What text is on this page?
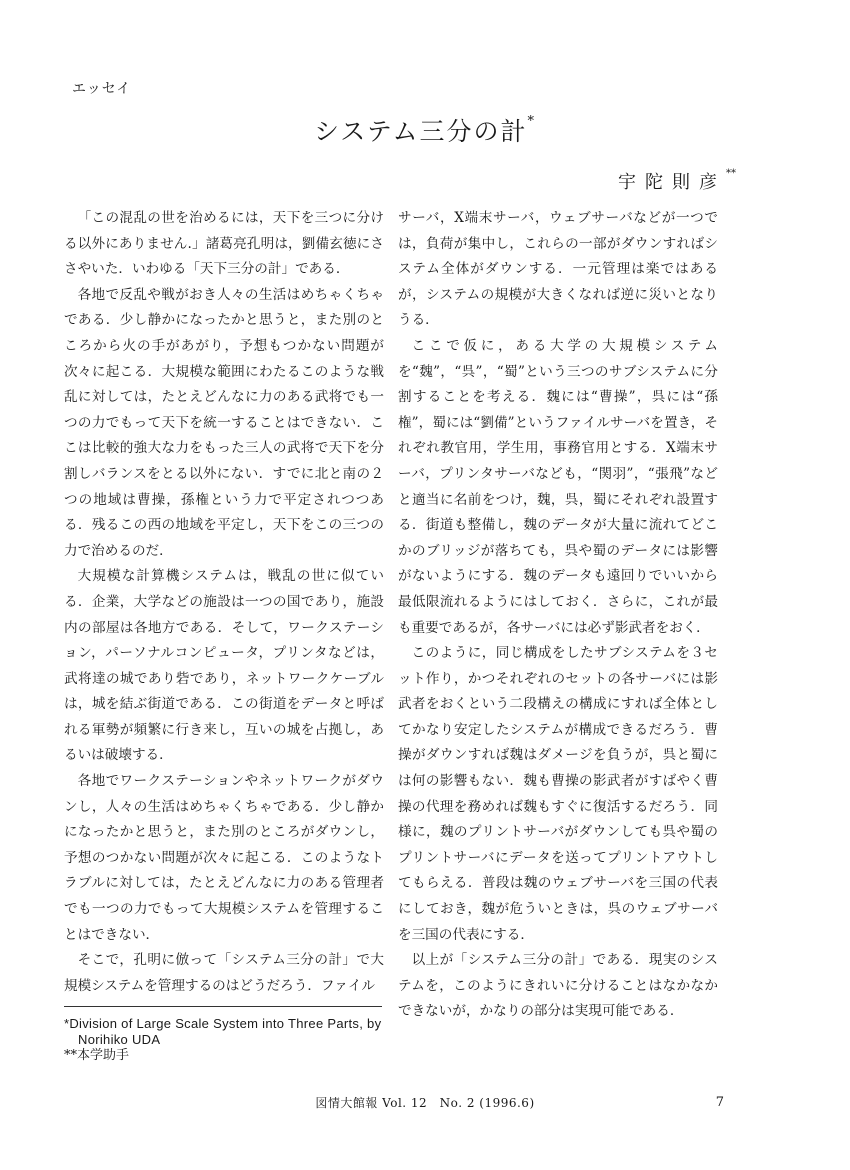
エッセイ
システム三分の計*
宇陀則彦**

「この混乱の世を治めるには，天下を三つに分ける以外にありません.」諸葛亮孔明は，劉備玄徳にささやいた．いわゆる「天下三分の計」である．

各地で反乱や戦がおき人々の生活はめちゃくちゃである．少し静かになったかと思うと，また別のところから火の手があがり，予想もつかない問題が次々に起こる．大規模な範囲にわたるこのような戦乱に対しては，たとえどんなに力のある武将でも一つの力でもって天下を統一することはできない．ここは比較的強大な力をもった三人の武将で天下を分割しバランスをとる以外にない．すでに北と南の２つの地域は曹操，孫権という力で平定されつつある．残るこの西の地域を平定し，天下をこの三つの力で治めるのだ．

大規模な計算機システムは，戦乱の世に似ている．企業，大学などの施設は一つの国であり，施設内の部屋は各地方である．そして，ワークステーション，パーソナルコンピュータ，プリンタなどは，武将達の城であり砦であり，ネットワークケーブルは，城を結ぶ街道である．この街道をデータと呼ばれる軍勢が頻繁に行き来し，互いの城を占拠し，あるいは破壊する．

各地でワークステーションやネットワークがダウンし，人々の生活はめちゃくちゃである．少し静かになったかと思うと，また別のところがダウンし，予想のつかない問題が次々に起こる．このようなトラブルに対しては，たとえどんなに力のある管理者でも一つの力でもって大規模システムを管理することはできない．

そこで，孔明に倣って「システム三分の計」で大規模システムを管理するのはどうだろう．ファイル

サーバ，X端末サーバ，ウェブサーバなどが一つでは，負荷が集中し，これらの一部がダウンすればシステム全体がダウンする．一元管理は楽ではあるが，システムの規模が大きくなれば逆に災いとなりうる．

ここで仮に，ある大学の大規模システムを“魏”，“呉”，“蜀”という三つのサブシステムに分割することを考える．魏には“曹操”，呉には“孫権”，蜀には“劉備”というファイルサーバを置き，それぞれ教官用，学生用，事務官用とする．X端末サーバ，プリンタサーバなども，“関羽”，“張飛”などと適当に名前をつけ，魏，呉，蜀にそれぞれ設置する．街道も整備し，魏のデータが大量に流れてどこかのブリッジが落ちても，呉や蜀のデータには影響がないようにする．魏のデータも遠回りでいいから最低限流れるようにはしておく．さらに，これが最も重要であるが，各サーバには必ず影武者をおく．

このように，同じ構成をしたサブシステムを３セット作り，かつそれぞれのセットの各サーバには影武者をおくという二段構えの構成にすれば全体としてかなり安定したシステムが構成できるだろう．曹操がダウンすれば魏はダメージを負うが，呉と蜀には何の影響もない．魏も曹操の影武者がすばやく曹操の代理を務めれば魏もすぐに復活するだろう．同様に，魏のプリントサーバがダウンしても呉や蜀のプリントサーバにデータを送ってプリントアウトしてもらえる．普段は魏のウェブサーバを三国の代表にしておき，魏が危ういときは，呉のウェブサーバを三国の代表にする．

以上が「システム三分の計」である．現実のシステムを，このようにきれいに分けることはなかなかできないが，かなりの部分は実現可能である．

*Division of Large Scale System into Three Parts, by Norihiko UDA
**本学助手
図情大館報 Vol. 12　No. 2 (1996.6)	7
